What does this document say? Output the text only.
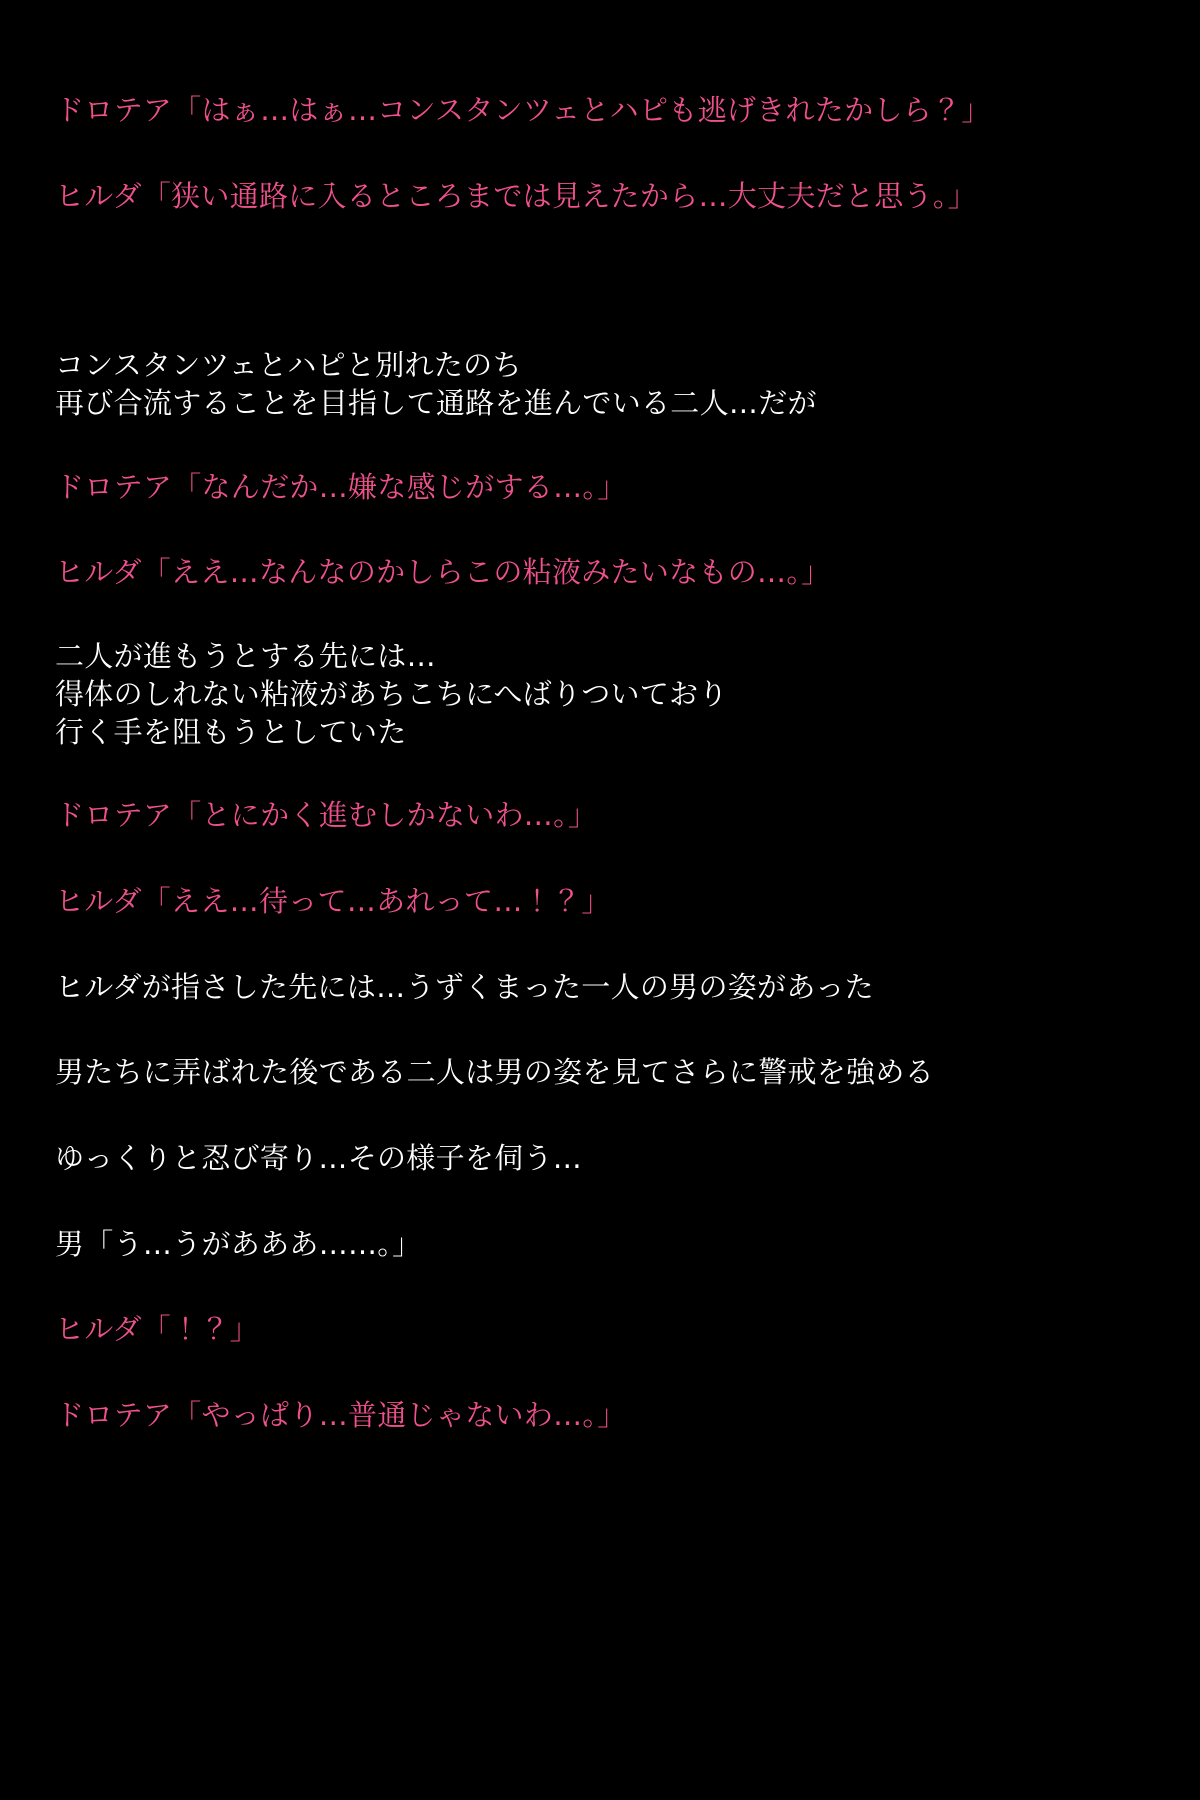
ドロテア「はぁ…はぁ…コンスタンツェとハピも逃げきれたかしら？」

ヒルダ「狭い通路に入るところまでは見えたから…大丈夫だと思う。」

コンスタンツェとハピと別れたのち

再び合流することを目指して通路を進んでいる二人…だが

ドロテア「なんだか…嫌な感じがする…。」

ヒルダ「ええ…なんなのかしらこの粘液みたいなもの…。」

二人が進もうとする先には…

得体のしれない粘液があちこちにへばりついており

行く手を阻もうとしていた

ドロテア「とにかく進むしかないわ…。」

ヒルダ「ええ…待って…あれって…！？」

ヒルダが指さした先には…うずくまった一人の男の姿があった

男たちに弄ばれた後である二人は男の姿を見てさらに警戒を強める

ゆっくりと忍び寄り…その様子を伺う…

男「う…うがあああ……。」

ヒルダ「！？」

ドロテア「やっぱり…普通じゃないわ…。」
